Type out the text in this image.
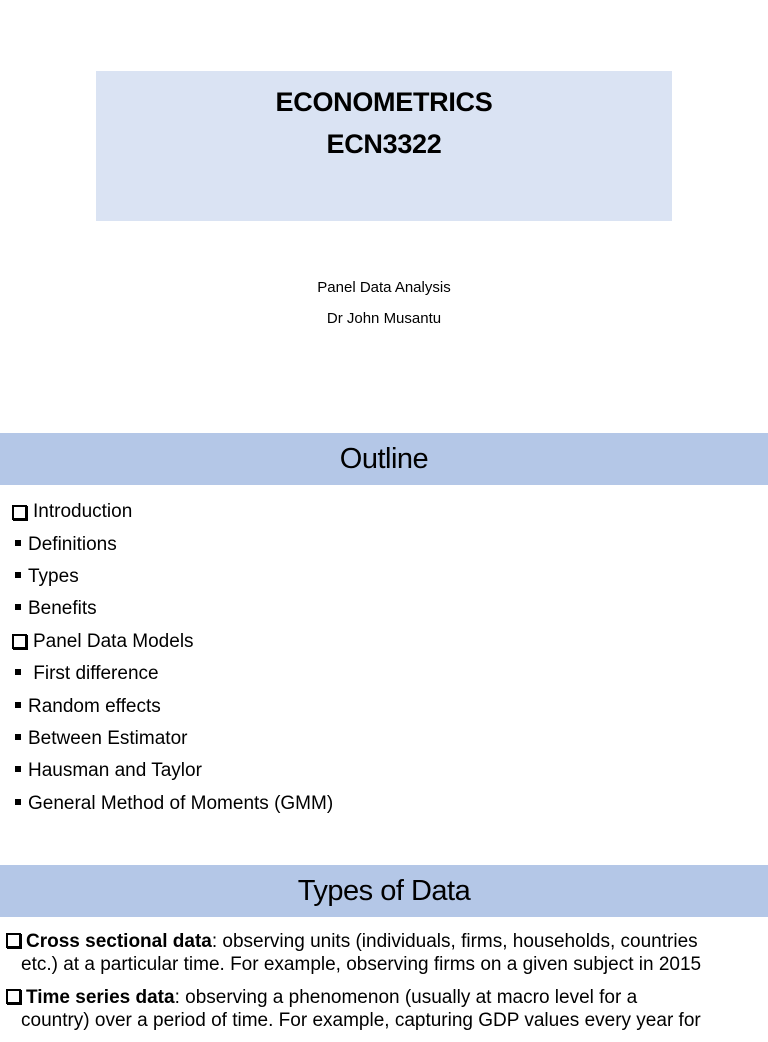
ECONOMETRICS
ECN3322
Panel Data Analysis
Dr John Musantu
Outline
Introduction
Definitions
Types
Benefits
Panel Data Models
First difference
Random effects
Between Estimator
Hausman and Taylor
General Method of Moments (GMM)
Types of Data

Cross sectional data: observing units (individuals, firms, households, countries
etc.) at a particular time. For example, observing firms on a given subject in 2015

Time series data: observing a phenomenon (usually at macro level for a
country) over a period of time. For example, capturing GDP values every year for
